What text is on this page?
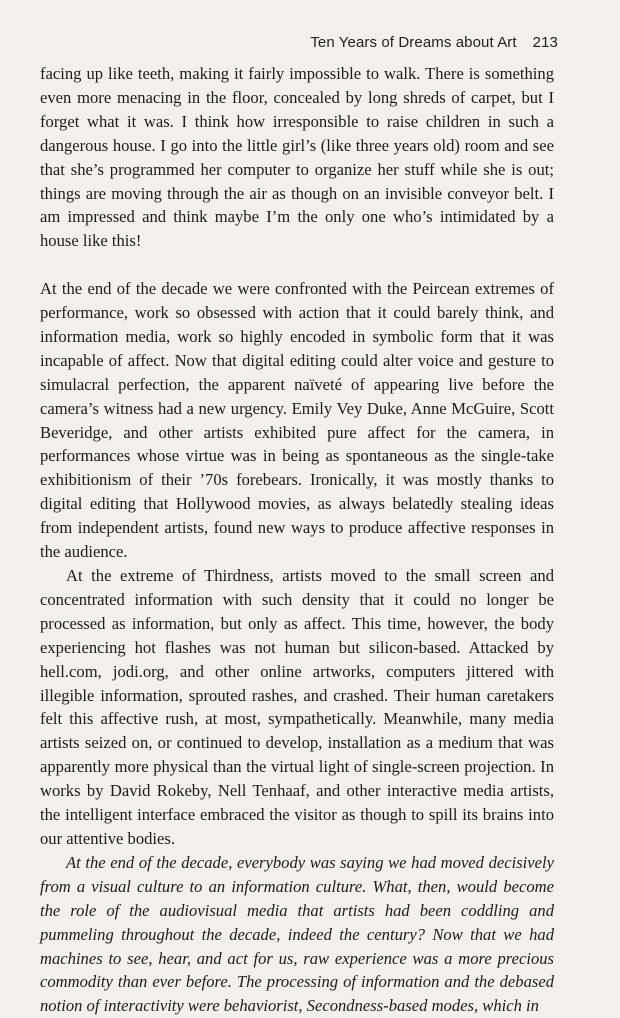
Ten Years of Dreams about Art 213

facing up like teeth, making it fairly impossible to walk. There is something even more menacing in the floor, concealed by long shreds of carpet, but I forget what it was. I think how irresponsible to raise children in such a dangerous house. I go into the little girl’s (like three years old) room and see that she’s programmed her computer to organize her stuff while she is out; things are moving through the air as though on an invisible conveyor belt. I am impressed and think maybe I’m the only one who’s intimidated by a house like this!

At the end of the decade we were confronted with the Peircean extremes of performance, work so obsessed with action that it could barely think, and information media, work so highly encoded in symbolic form that it was incapable of affect. Now that digital editing could alter voice and gesture to simulacral perfection, the apparent naïveté of appearing live before the camera’s witness had a new urgency. Emily Vey Duke, Anne McGuire, Scott Beveridge, and other artists exhibited pure affect for the camera, in performances whose virtue was in being as spontaneous as the single-take exhibitionism of their ’70s forebears. Ironically, it was mostly thanks to digital editing that Hollywood movies, as always belatedly stealing ideas from independent artists, found new ways to produce affective responses in the audience.

At the extreme of Thirdness, artists moved to the small screen and concentrated information with such density that it could no longer be processed as information, but only as affect. This time, however, the body experiencing hot flashes was not human but silicon-based. Attacked by hell.com, jodi.org, and other online artworks, computers jittered with illegible information, sprouted rashes, and crashed. Their human caretakers felt this affective rush, at most, sympathetically. Meanwhile, many media artists seized on, or continued to develop, installation as a medium that was apparently more physical than the virtual light of single-screen projection. In works by David Rokeby, Nell Tenhaaf, and other interactive media artists, the intelligent interface embraced the visitor as though to spill its brains into our attentive bodies.

At the end of the decade, everybody was saying we had moved decisively from a visual culture to an information culture. What, then, would become the role of the audiovisual media that artists had been coddling and pummeling throughout the decade, indeed the century? Now that we had machines to see, hear, and act for us, raw experience was a more precious commodity than ever before. The processing of information and the debased notion of interactivity were behaviorist, Secondness-based modes, which in
